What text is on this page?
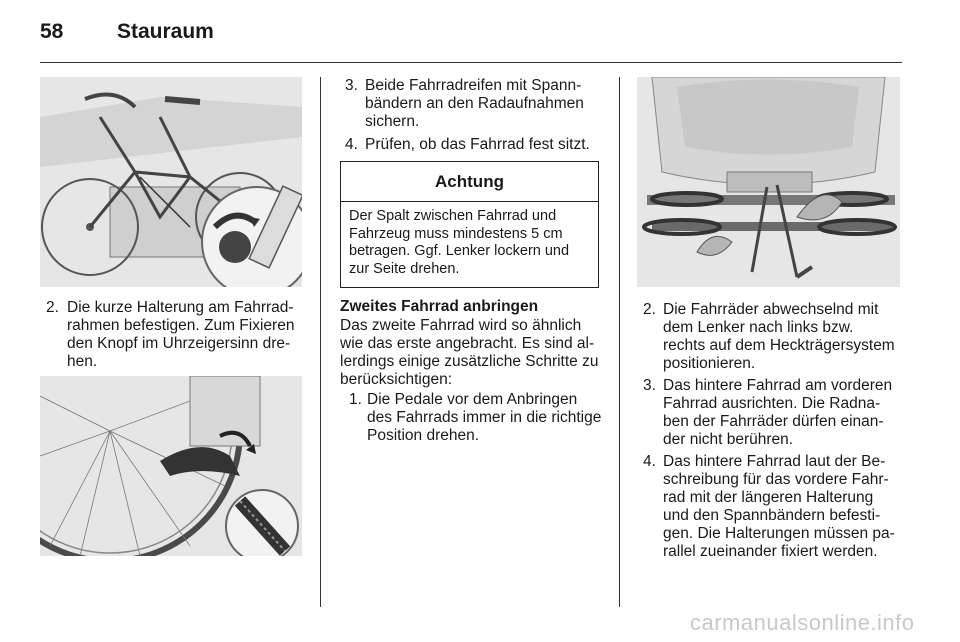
58	Stauraum
2. Die kurze Halterung am Fahrrad-
rahmen befestigen. Zum Fixieren
den Knopf im Uhrzeigersinn dre-
hen.
3. Beide Fahrradreifen mit Spann-
bändern an den Radaufnahmen
sichern.
4. Prüfen, ob das Fahrrad fest sitzt.
Achtung
Der Spalt zwischen Fahrrad und
Fahrzeug muss mindestens 5 cm
betragen. Ggf. Lenker lockern und
zur Seite drehen.
Zweites Fahrrad anbringen
Das zweite Fahrrad wird so ähnlich
wie das erste angebracht. Es sind al-
lerdings einige zusätzliche Schritte zu
berücksichtigen:
1. Die Pedale vor dem Anbringen
des Fahrrads immer in die richtige
Position drehen.
2. Die Fahrräder abwechselnd mit
dem Lenker nach links bzw.
rechts auf dem Heckträgersystem
positionieren.
3. Das hintere Fahrrad am vorderen
Fahrrad ausrichten. Die Radna-
ben der Fahrräder dürfen einan-
der nicht berühren.
4. Das hintere Fahrrad laut der Be-
schreibung für das vordere Fahr-
rad mit der längeren Halterung
und den Spannbändern befesti-
gen. Die Halterungen müssen pa-
rallel zueinander fixiert werden.
carmanualsonline.info
